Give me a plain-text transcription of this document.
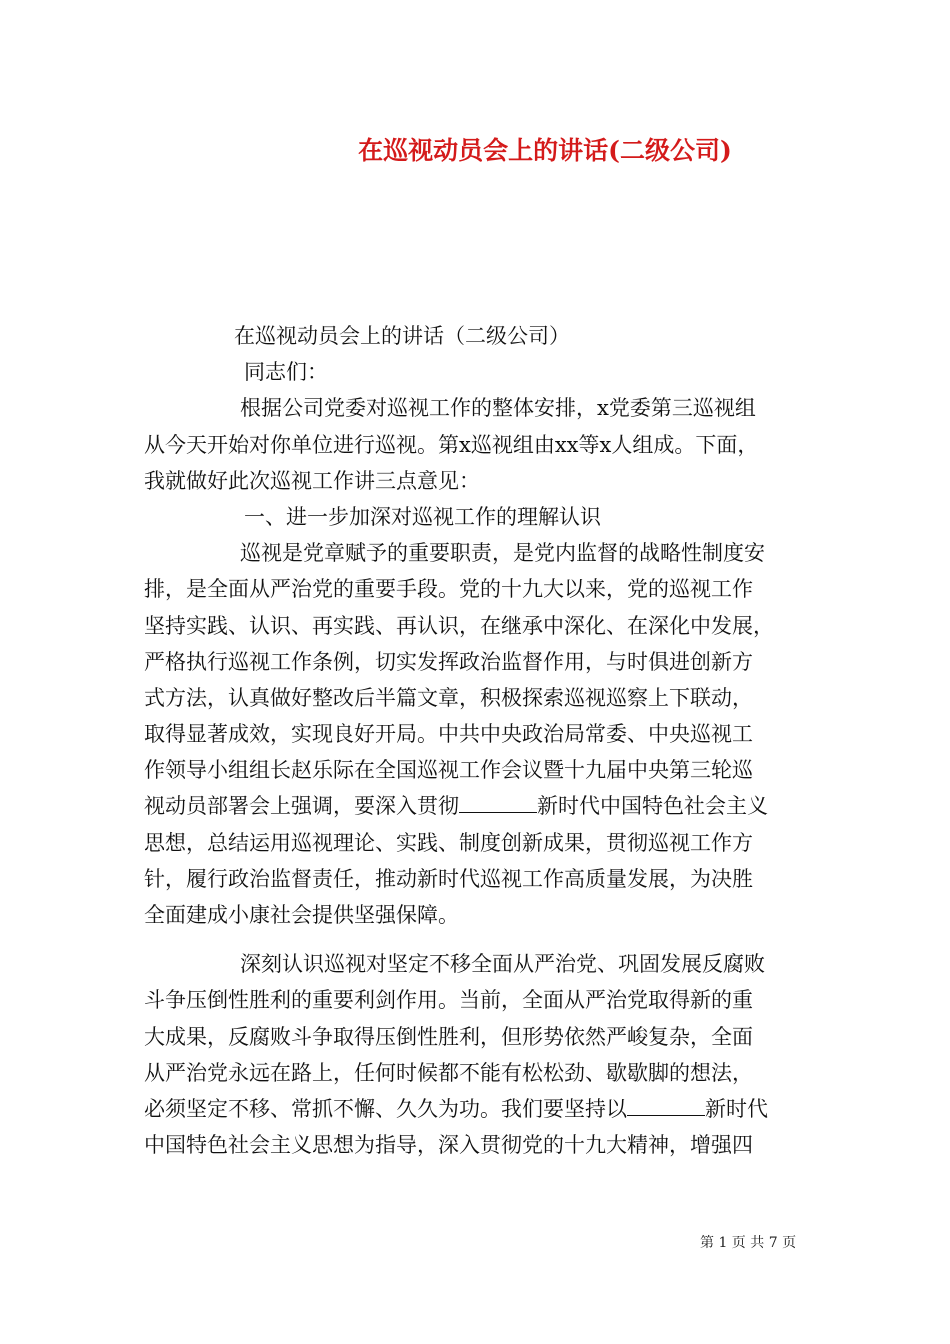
在巡视动员会上的讲话(二级公司)
在巡视动员会上的讲话（二级公司）
同志们：
根据公司党委对巡视工作的整体安排，x党委第三巡视组
从今天开始对你单位进行巡视。第x巡视组由xx等x人组成。下面，
我就做好此次巡视工作讲三点意见：
一、进一步加深对巡视工作的理解认识
巡视是党章赋予的重要职责，是党内监督的战略性制度安
排，是全面从严治党的重要手段。党的十九大以来，党的巡视工作
坚持实践、认识、再实践、再认识，在继承中深化、在深化中发展，
严格执行巡视工作条例，切实发挥政治监督作用，与时俱进创新方
式方法，认真做好整改后半篇文章，积极探索巡视巡察上下联动，
取得显著成效，实现良好开局。中共中央政治局常委、中央巡视工
作领导小组组长赵乐际在全国巡视工作会议暨十九届中央第三轮巡
视动员部署会上强调，要深入贯彻	新时代中国特色社会主义
思想，总结运用巡视理论、实践、制度创新成果，贯彻巡视工作方
针，履行政治监督责任，推动新时代巡视工作高质量发展，为决胜
全面建成小康社会提供坚强保障。
深刻认识巡视对坚定不移全面从严治党、巩固发展反腐败
斗争压倒性胜利的重要利剑作用。当前，全面从严治党取得新的重
大成果，反腐败斗争取得压倒性胜利，但形势依然严峻复杂，全面
从严治党永远在路上，任何时候都不能有松松劲、歇歇脚的想法，
必须坚定不移、常抓不懈、久久为功。我们要坚持以	新时代
中国特色社会主义思想为指导，深入贯彻党的十九大精神，增强四
第 1 页 共 7 页
